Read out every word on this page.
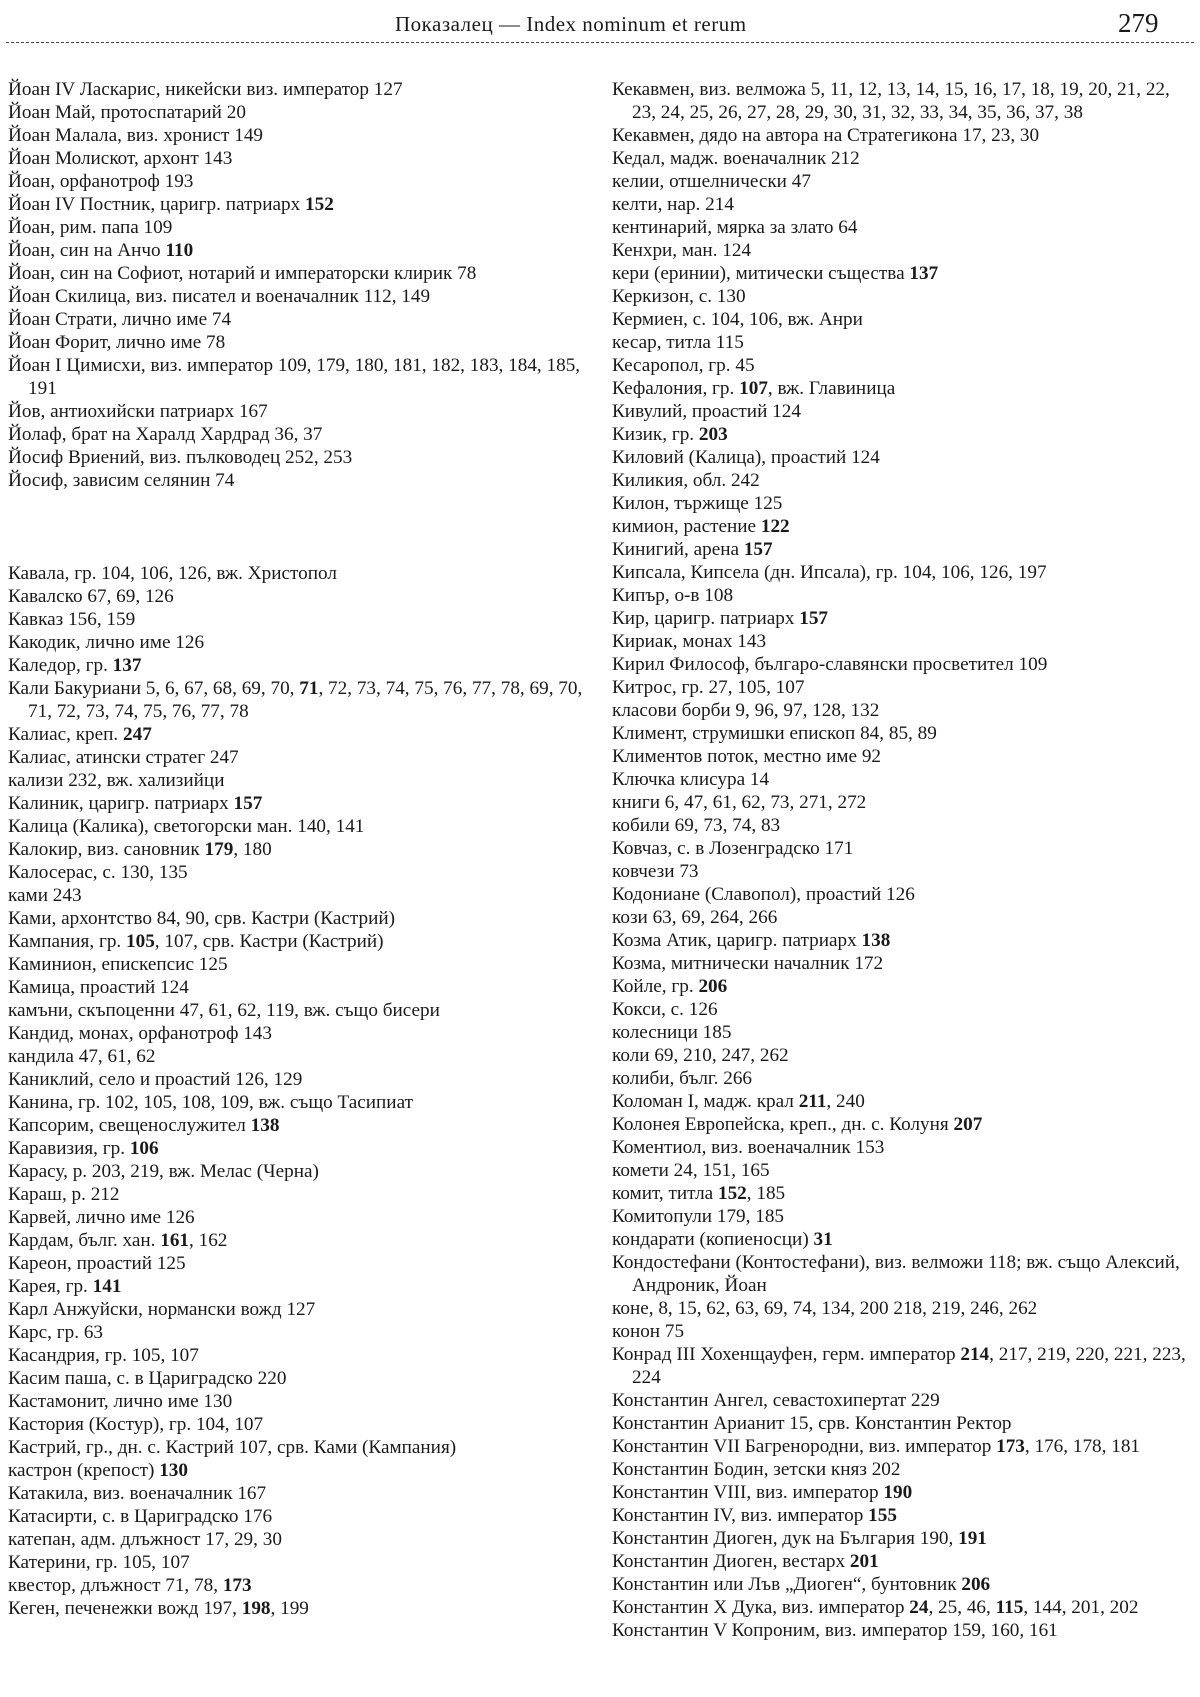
Показалец — Index nominum et rerum	279

Йоан IV Ласкарис, никейски виз. император 127

Йоан Май, протоспатарий 20

Йоан Малала, виз. хронист 149

Йоан Молискот, архонт 143

Йоан, орфанотроф 193

Йоан IV Постник, царигр. патриарх 152

Йоан, рим. папа 109

Йоан, син на Анчо 110

Йоан, син на Софиот, нотарий и императорски клирик 78

Йоан Скилица, виз. писател и военачалник 112, 149

Йоан Страти, лично име 74

Йоан Форит, лично име 78

Йоан I Цимисхи, виз. император 109, 179, 180, 181, 182, 183, 184, 185, 191

Йов, антиохийски патриарх 167

Йолаф, брат на Харалд Хардрад 36, 37

Йосиф Вриений, виз. пълководец 252, 253

Йосиф, зависим селянин 74

Кавала, гр. 104, 106, 126, вж. Христопол

Кавалско 67, 69, 126

Кавказ 156, 159

Какодик, лично име 126

Каледор, гр. 137

Кали Бакуриани 5, 6, 67, 68, 69, 70, 71, 72, 73, 74, 75, 76, 77, 78, 69, 70, 71, 72, 73, 74, 75, 76, 77, 78

Калиас, креп. 247

Калиас, атински стратег 247

кализи 232, вж. хализийци

Калиник, царигр. патриарх 157

Калица (Калика), светогорски ман. 140, 141

Калокир, виз. сановник 179, 180

Калосерас, с. 130, 135

ками 243

Ками, архонтство 84, 90, срв. Кастри (Кастрий)

Кампания, гр. 105, 107, срв. Кастри (Кастрий)

Каминион, епискепсис 125

Камица, проастий 124

камъни, скъпоценни 47, 61, 62, 119, вж. също бисери

Кандид, монах, орфанотроф 143

кандила 47, 61, 62

Каниклий, село и проастий 126, 129

Канина, гр. 102, 105, 108, 109, вж. също Тасипиат

Капсорим, свещенослужител 138

Каравизия, гр. 106

Карасу, р. 203, 219, вж. Мелас (Черна)

Караш, р. 212

Карвей, лично име 126

Кардам, бълг. хан. 161, 162

Кареон, проастий 125

Карея, гр. 141

Карл Анжуйски, нормански вожд 127

Карс, гр. 63

Касандрия, гр. 105, 107

Касим паша, с. в Цариградско 220

Кастамонит, лично име 130

Кастория (Костур), гр. 104, 107

Кастрий, гр., дн. с. Кастрий 107, срв. Ками (Кампания)

кастрон (крепост) 130

Катакила, виз. военачалник 167

Катасирти, с. в Цариградско 176

катепан, адм. длъжност 17, 29, 30

Катерини, гр. 105, 107

квестор, длъжност 71, 78, 173

Кеген, печенежки вожд 197, 198, 199

Кекавмен, виз. велможа 5, 11, 12, 13, 14, 15, 16, 17, 18, 19, 20, 21, 22, 23, 24, 25, 26, 27, 28, 29, 30, 31, 32, 33, 34, 35, 36, 37, 38

Кекавмен, дядо на автора на Стратегикона 17, 23, 30

Кедал, мадж. военачалник 212

келии, отшелнически 47

келти, нар. 214

кентинарий, мярка за злато 64

Кенхри, ман. 124

кери (еринии), митически същества 137

Керкизон, с. 130

Кермиен, с. 104, 106, вж. Анри

кесар, титла 115

Кесаропол, гр. 45

Кефалония, гр. 107, вж. Главиница

Кивулий, проастий 124

Кизик, гр. 203

Киловий (Калица), проастий 124

Киликия, обл. 242

Килон, тържище 125

кимион, растение 122

Кинигий, арена 157

Кипсала, Кипсела (дн. Ипсала), гр. 104, 106, 126, 197

Кипър, о-в 108

Кир, царигр. патриарх 157

Кириак, монах 143

Кирил Философ, българо-славянски просветител 109

Китрос, гр. 27, 105, 107

класови борби 9, 96, 97, 128, 132

Климент, струмишки епископ 84, 85, 89

Климентов поток, местно име 92

Ключка клисура 14

книги 6, 47, 61, 62, 73, 271, 272

кобили 69, 73, 74, 83

Ковчаз, с. в Лозенградско 171

ковчези 73

Кодониане (Славопол), проастий 126

кози 63, 69, 264, 266

Козма Атик, царигр. патриарх 138

Козма, митнически началник 172

Койле, гр. 206

Кокси, с. 126

колесници 185

коли 69, 210, 247, 262

колиби, бълг. 266

Коломан I, мадж. крал 211, 240

Колонея Европейска, креп., дн. с. Колуня 207

Коментиол, виз. военачалник 153

комети 24, 151, 165

комит, титла 152, 185

Комитопули 179, 185

кондарати (копиеносци) 31

Кондостефани (Контостефани), виз. велможи 118; вж. също Алексий, Андроник, Йоан

коне, 8, 15, 62, 63, 69, 74, 134, 200 218, 219, 246, 262

конон 75

Конрад III Хохенщауфен, герм. император 214, 217, 219, 220, 221, 223, 224

Константин Ангел, севастохипертат 229

Константин Арианит 15, срв. Константин Ректор

Константин VII Багренородни, виз. император 173, 176, 178, 181

Константин Бодин, зетски княз 202

Константин VIII, виз. император 190

Константин IV, виз. император 155

Константин Диоген, дук на България 190, 191

Константин Диоген, вестарх 201

Константин или Лъв „Диоген“, бунтовник 206

Константин X Дука, виз. император 24, 25, 46, 115, 144, 201, 202

Константин V Копроним, виз. император 159, 160, 161
